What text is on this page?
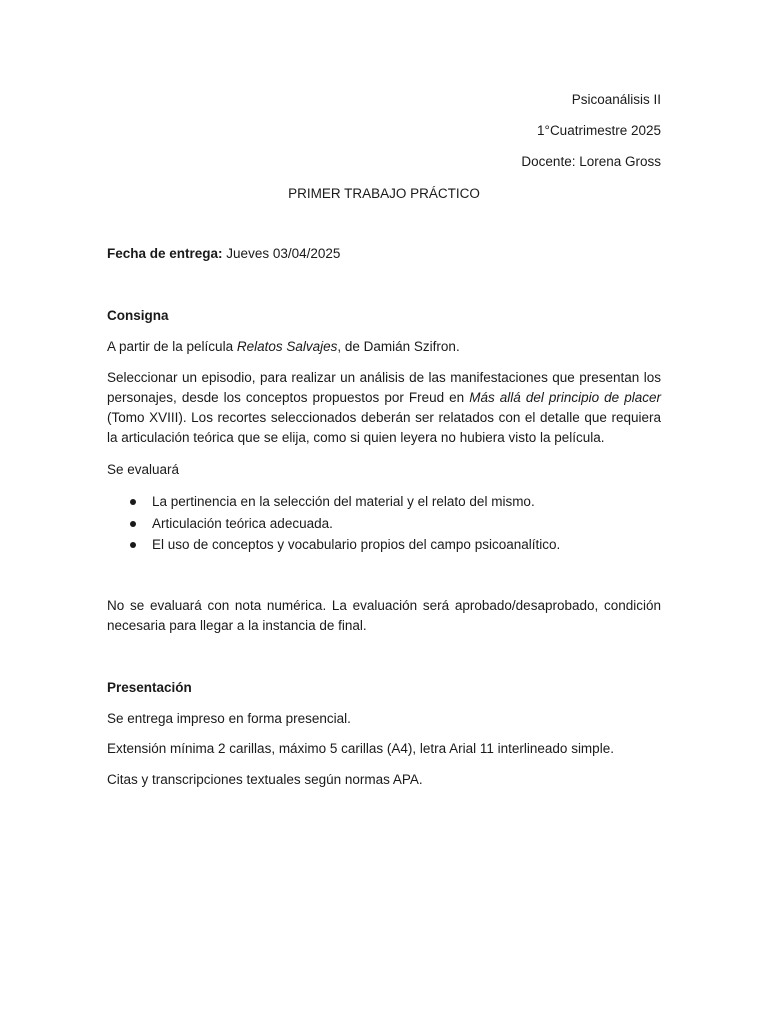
Psicoanálisis II
1°Cuatrimestre 2025
Docente: Lorena Gross
PRIMER TRABAJO PRÁCTICO
Fecha de entrega: Jueves 03/04/2025
Consigna
A partir de la película Relatos Salvajes, de Damián Szifron.
Seleccionar un episodio, para realizar un análisis de las manifestaciones que presentan los personajes, desde los conceptos propuestos por Freud en Más allá del principio de placer (Tomo XVIII). Los recortes seleccionados deberán ser relatados con el detalle que requiera la articulación teórica que se elija, como si quien leyera no hubiera visto la película.
Se evaluará
La pertinencia en la selección del material y el relato del mismo.
Articulación teórica adecuada.
El uso de conceptos y vocabulario propios del campo psicoanalítico.
No se evaluará con nota numérica. La evaluación será aprobado/desaprobado, condición necesaria para llegar a la instancia de final.
Presentación
Se entrega impreso en forma presencial.
Extensión mínima 2 carillas, máximo 5 carillas (A4), letra Arial 11 interlineado simple.
Citas y transcripciones textuales según normas APA.
